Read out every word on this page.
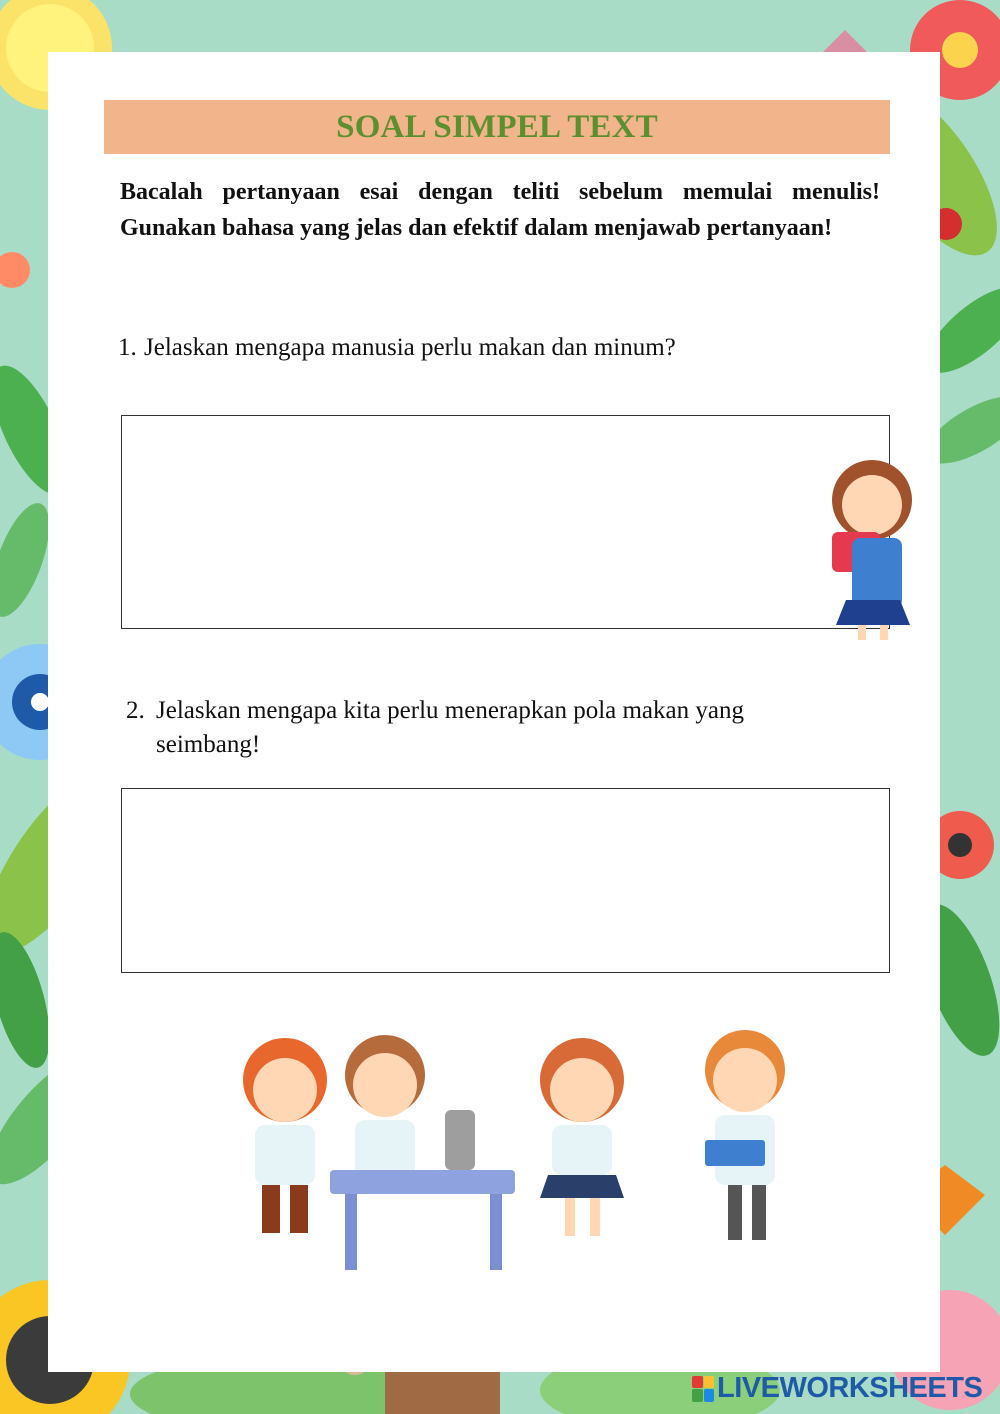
SOAL SIMPEL TEXT
Bacalah pertanyaan esai dengan teliti sebelum memulai menulis! Gunakan bahasa yang jelas dan efektif dalam menjawab pertanyaan!
1. Jelaskan mengapa manusia perlu makan dan minum?
2. Jelaskan mengapa kita perlu menerapkan pola makan yang seimbang!
LIVEWORKSHEETS
